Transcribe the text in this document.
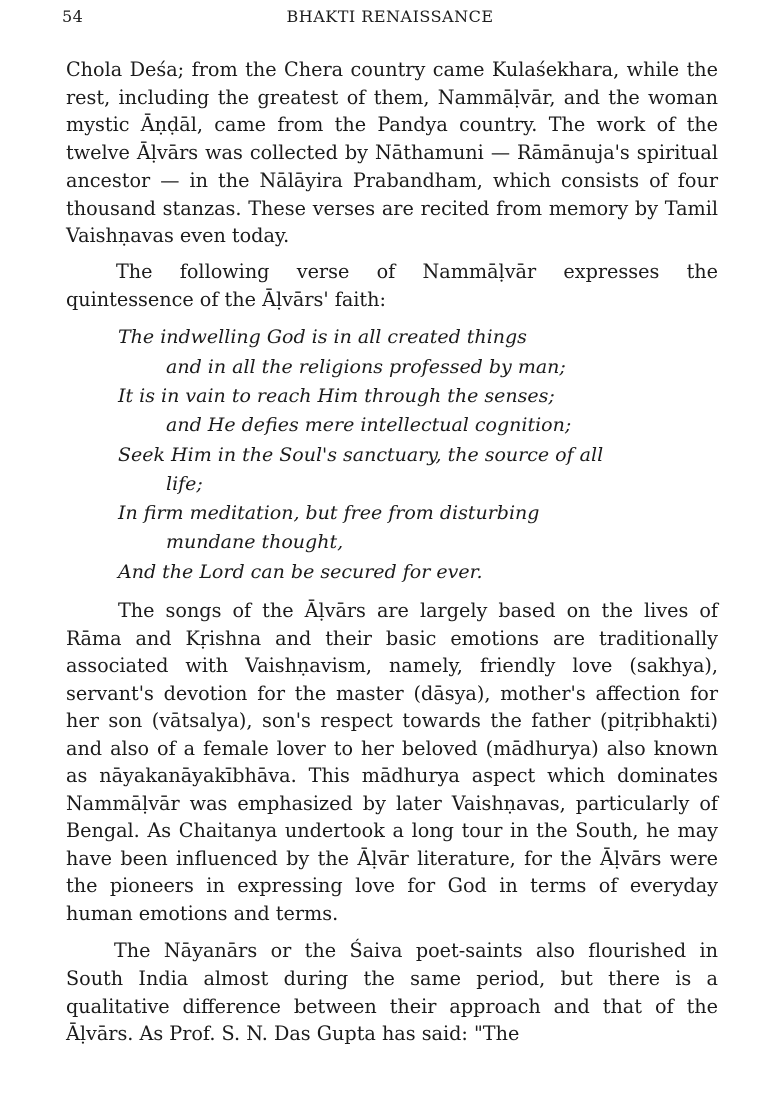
54	BHAKTI RENAISSANCE

Chola Deśa; from the Chera country came Kulaśekhara, while the rest, including the greatest of them, Nammāḷvār, and the woman mystic Āṇḍāl, came from the Pandya country. The work of the twelve Āḷvārs was collected by Nāthamuni — Rāmānuja's spiritual ancestor — in the Nālāyira Prabandham, which consists of four thousand stanzas. These verses are recited from memory by Tamil Vaishṇavas even today.

The following verse of Nammāḷvār expresses the quintessence of the Āḷvārs' faith:

The indwelling God is in all created things
and in all the religions professed by man;
It is in vain to reach Him through the senses;
and He defies mere intellectual cognition;
Seek Him in the Soul's sanctuary, the source of all
life;
In firm meditation, but free from disturbing
mundane thought,
And the Lord can be secured for ever.

The songs of the Āḷvārs are largely based on the lives of Rāma and Kṛishna and their basic emotions are traditionally associated with Vaishṇavism, namely, friendly love (sakhya), servant's devotion for the master (dāsya), mother's affection for her son (vātsalya), son's respect towards the father (pitṛibhakti) and also of a female lover to her beloved (mādhurya) also known as nāyakanāyakībhāva. This mādhurya aspect which dominates Nammāḷvār was emphasized by later Vaishṇavas, particularly of Bengal. As Chaitanya undertook a long tour in the South, he may have been influenced by the Āḷvār literature, for the Āḷvārs were the pioneers in expressing love for God in terms of everyday human emotions and terms.

The Nāyanārs or the Śaiva poet-saints also flourished in South India almost during the same period, but there is a qualitative difference between their approach and that of the Āḷvārs. As Prof. S. N. Das Gupta has said: "The
